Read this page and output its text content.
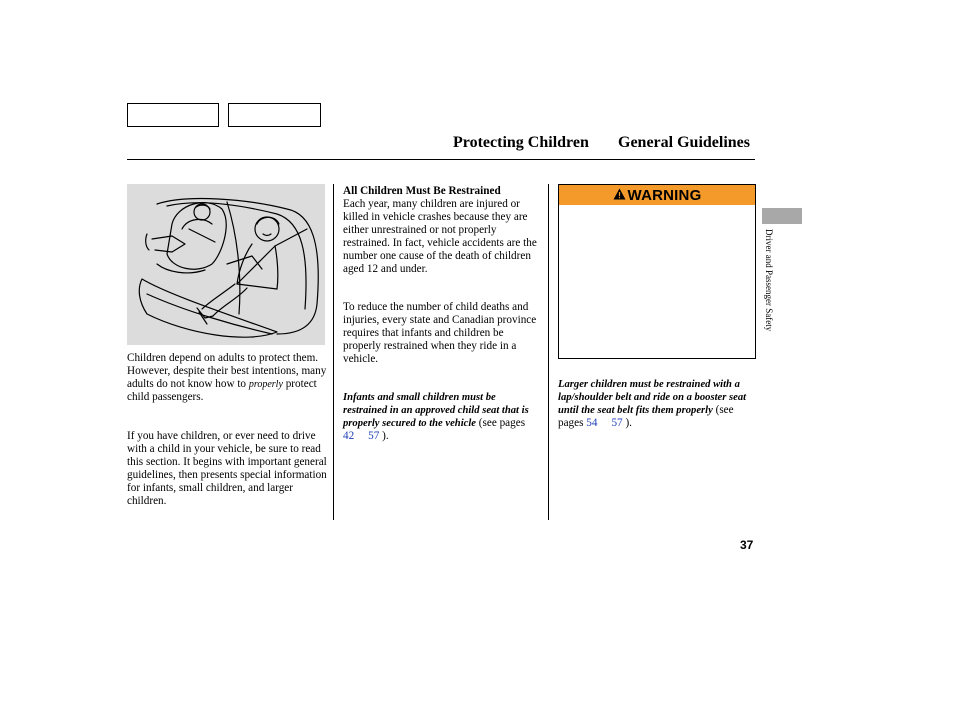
Protecting Children General Guidelines

Children depend on adults to protect them. However, despite their best intentions, many adults do not know how to properly protect child passengers.

If you have children, or ever need to drive with a child in your vehicle, be sure to read this section. It begins with important general guidelines, then presents special information for infants, small children, and larger children.

All Children Must Be Restrained

Each year, many children are injured or killed in vehicle crashes because they are either unrestrained or not properly restrained. In fact, vehicle accidents are the number one cause of the death of children aged 12 and under.

To reduce the number of child deaths and injuries, every state and Canadian province requires that infants and children be properly restrained when they ride in a vehicle.

Infants and small children must be restrained in an approved child seat that is properly secured to the vehicle (see pages 42 57 ).

WARNING

Larger children must be restrained with a lap/shoulder belt and ride on a booster seat until the seat belt fits them properly (see pages 54 57 ).

Driver and Passenger Safety
37
